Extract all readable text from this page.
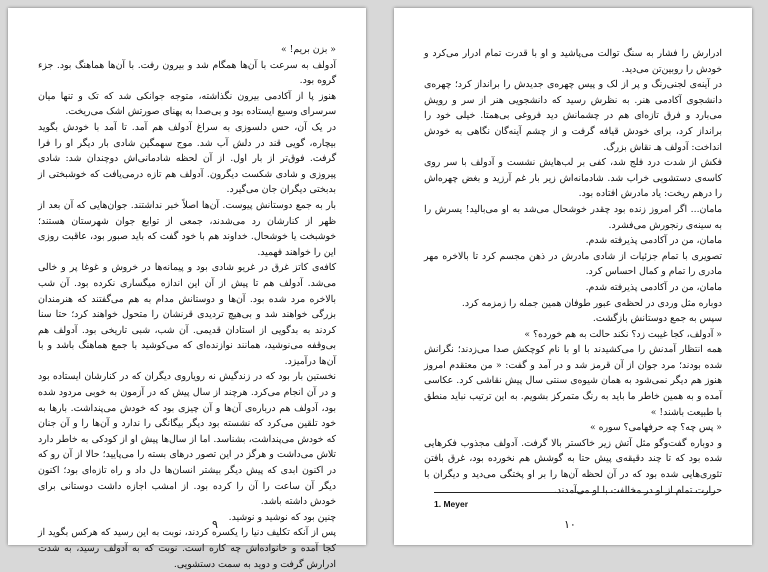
« بزن بریم! »

آدولف به سرعت با آن‌ها همگام شد و بیرون رفت. با آن‌ها هماهنگ بود. جزء گروه بود.

هنوز پا از آکادمی بیرون نگذاشته، متوجه جوانکی شد که تک و تنها میان سرسرای وسیع ایستاده بود و بی‌صدا به پهنای صورتش اشک می‌ریخت.

در یک آن، حس دلسوزی به سراغ آدولف هم آمد. تا آمد با خودش بگوید بیچاره، گویی قند در دلش آب شد. موج سهمگین شادی بار دیگر او را فرا گرفت. فوق‌تر از بار اول. از آن لحظه شادمانی‌اش دوچندان شد: شادی پیروزی و شادی شکست دیگرون. آدولف هم تازه درمی‌یافت که خوشبختی از بدبختی دیگران جان می‌گیرد.

بار به جمع دوستانش پیوست. آن‌ها اصلاً خبر نداشتند. جوان‌هایی که آن بعد از ظهر از کنارشان رد می‌شدند، جمعی از توابع جوان شهرستان هستند؛ خوشبخت یا خوشحال. خداوند هم با خود گفت که باید صبور بود، عاقبت روزی این را خواهند فهمید.

کافه‌ی کاتز غرق در غریو شادی بود و پیمانه‌ها در خروش و غوغا پر و خالی می‌شد. آدولف هم تا پیش از آن این اندازه میگساری نکرده بود. آن شب بالاخره مرد شده بود. آن‌ها و دوستانش مدام به هم می‌گفتند که هنرمندان بزرگی خواهند شد و بی‌هیچ تردیدی قرنشان را متحول خواهند کرد؛ حتا سنا کردند به بدگویی از استادان قدیمی. آن شب، شبی تاریخی بود. آدولف هم بی‌وقفه می‌نوشید، همانند نوازنده‌ای که می‌کوشید با جمع هماهنگ باشد و با آن‌ها درآمیزد.

نخستین بار بود که در زندگیش نه رویاروی دیگران که در کنارشان ایستاده بود و در آن انجام می‌کرد. هرچند از سال پیش که در آزمون به خوبی مردود شده بود، آدولف هم درباره‌ی آن‌ها و آن چیزی بود که خودش می‌پنداشت. بارها به خود تلقین می‌کرد که نشسته بود دیگر بیگانگی را ندارد و آن‌ها را و آن جنان که خودش می‌پنداشت، بشناسد. اما از سال‌ها پیش او از کودکی به خاطر دارد تلاش می‌داشت و هرگز در این تصور درهای بسته را می‌پایید؛ حالا از آن رو که در اکنون ابدی که پیش دیگر بیشتر انسان‌ها دل داد و راه تازه‌ای بود؛ اکنون دیگر آن ساعت را آن را کرده بود. از امشب اجازه داشت دوستانی برای خودش داشته باشد.

چنین بود که نوشید و نوشید.

پس از آنکه تکلیف دنیا را یکسره کردند، نوبت به این رسید که هرکس بگوید از کجا آمده و خانواده‌اش چه کاره است. نوبت که به آدولف رسید، به شدت ادرارش گرفت و دوید به سمت دستشویی.

۹

ادرارش را فشار به سنگ توالت می‌پاشید و او با قدرت تمام ادرار می‌کرد و خودش را روبین‌تن می‌دید.

در آینه‌ی لجنی‌رنگ و پر از لک و پیس چهره‌ی جدیدش را برانداز کرد؛ چهره‌ی دانشجوی آکادمی هنر. به نظرش رسید که دانشجویی هنر از سر و رویش می‌بارد و فرق تازه‌ای هم در چشمانش دید فروغی بی‌همتا. خیلی خود را برانداز کرد، برای خودش قیافه گرفت و از چشم آینه‌گان نگاهی به خودش انداخت: آدولف هـ نقاش بزرگ.

فکش از شدت درد فلج شد، کفی بر لب‌هایش نشست و آدولف با سر روی کاسه‌ی دستشویی خراب شد. شادمانه‌اش زیر بار غم آرزید و بغض چهره‌اش را درهم ریخت: یاد مادرش افتاده بود.

مامان... اگر امروز زنده بود چقدر خوشحال می‌شد به او می‌بالید! یسرش را به سینه‌ی رنجورش می‌فشرد.

مامان، من در آکادمی پذیرفته شدم.

تصویری با تمام جزئیات از شادی مادرش در ذهن مجسم کرد تا بالاخره مهر مادری را تمام و کمال احساس کرد.

مامان، من در آکادمی پذیرفته شدم.

دوباره مثل وردی در لحظه‌ی عبور طوفان همین جمله را زمزمه کرد.

سپس به جمع دوستانش بازگشت.

« آدولف، کجا غیبت زد؟ نکند حالت به هم خورده؟ »

همه انتظار آمدنش را می‌کشیدند با او با نام کوچکش صدا می‌زدند؛ نگرانش شده بودند؛ مرد جوان از آن قرمز شد و در آمد و گفت: « من معتقدم امروز هنوز هم دیگر نمی‌شود به همان شیوه‌ی سنتی سال پیش نقاشی کرد. عکاسی آمده و به همین خاطر ما باید به رنگ متمرکز بشویم. به این ترتیب نباید منطق با طبیعت باشند! »

« پس چه؟ چه حرفهامی؟ سوره »

و دوباره گفت‌وگو مثل آتش زیر خاکستر بالا گرفت. آدولف مجذوب فکرهایی شده بود که تا چند دقیقه‌ی پیش حتا به گوشش هم نخورده بود، غرق بافتن تئوری‌هایی شده بود که در آن لحظه آن‌ها را بر او پختگی می‌دید و دیگران با حرارت تمام از او در مخالفت با او می‌آمدند.

1. Meyer
۱۰
